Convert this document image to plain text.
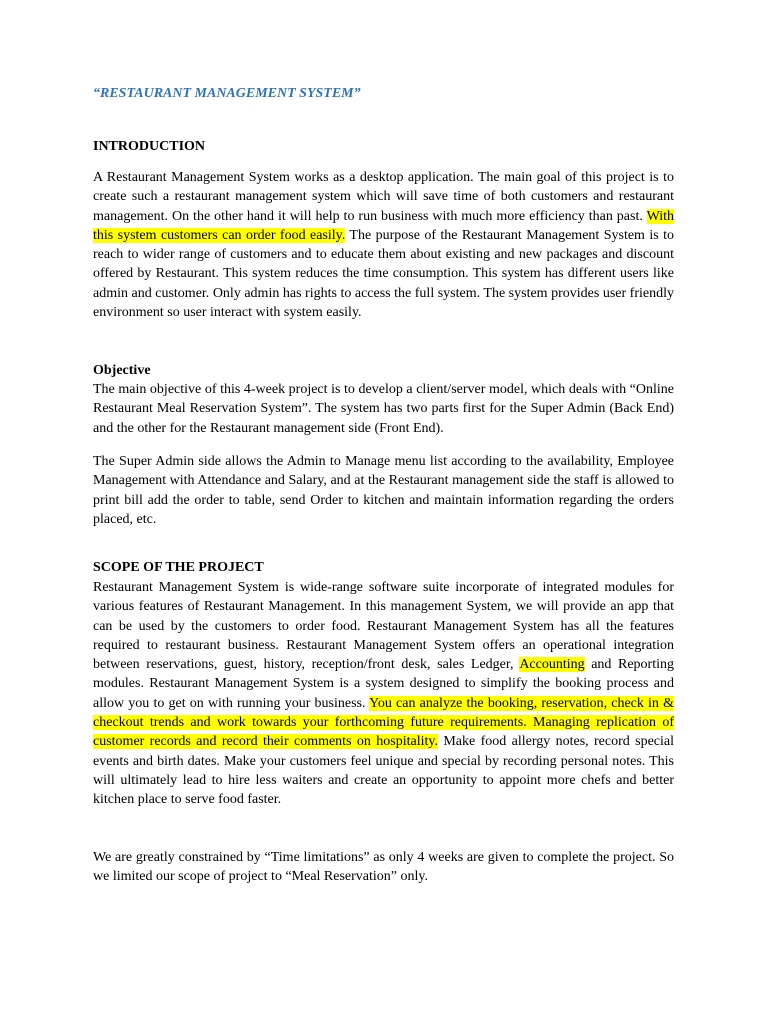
“RESTAURANT MANAGEMENT SYSTEM”

INTRODUCTION

A Restaurant Management System works as a desktop application. The main goal of this project is to create such a restaurant management system which will save time of both customers and restaurant management. On the other hand it will help to run business with much more efficiency than past. With this system customers can order food easily. The purpose of the Restaurant Management System is to reach to wider range of customers and to educate them about existing and new packages and discount offered by Restaurant. This system reduces the time consumption. This system has different users like admin and customer. Only admin has rights to access the full system. The system provides user friendly environment so user interact with system easily.

Objective

The main objective of this 4-week project is to develop a client/server model, which deals with “Online Restaurant Meal Reservation System”. The system has two parts first for the Super Admin (Back End) and the other for the Restaurant management side (Front End).

The Super Admin side allows the Admin to Manage menu list according to the availability, Employee Management with Attendance and Salary, and at the Restaurant management side the staff is allowed to print bill add the order to table, send Order to kitchen and maintain information regarding the orders placed, etc.

SCOPE OF THE PROJECT

Restaurant Management System is wide-range software suite incorporate of integrated modules for various features of Restaurant Management. In this management System, we will provide an app that can be used by the customers to order food. Restaurant Management System has all the features required to restaurant business. Restaurant Management System offers an operational integration between reservations, guest, history, reception/front desk, sales Ledger, Accounting and Reporting modules. Restaurant Management System is a system designed to simplify the booking process and allow you to get on with running your business. You can analyze the booking, reservation, check in & checkout trends and work towards your forthcoming future requirements. Managing replication of customer records and record their comments on hospitality. Make food allergy notes, record special events and birth dates. Make your customers feel unique and special by recording personal notes. This will ultimately lead to hire less waiters and create an opportunity to appoint more chefs and better kitchen place to serve food faster.

We are greatly constrained by “Time limitations” as only 4 weeks are given to complete the project. So we limited our scope of project to “Meal Reservation” only.
